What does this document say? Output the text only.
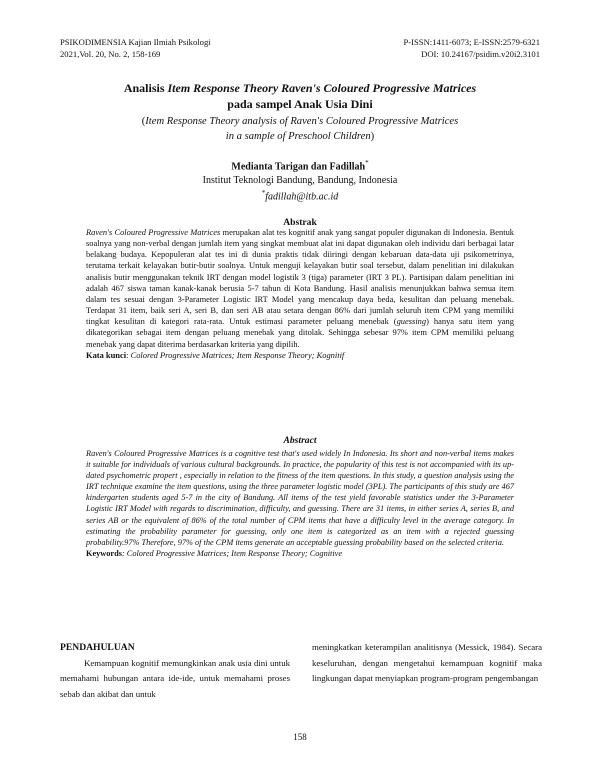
PSIKODIMENSIA Kajian Ilmiah Psikologi
2021,Vol. 20, No. 2, 158-169
P-ISSN:1411-6073; E-ISSN:2579-6321
DOI: 10.24167/psidim.v20i2.3101
Analisis Item Response Theory Raven's Coloured Progressive Matrices
pada sampel Anak Usia Dini
(Item Response Theory analysis of Raven's Coloured Progressive Matrices
in a sample of Preschool Children)
Medianta Tarigan dan Fadillah*
Institut Teknologi Bandung, Bandung, Indonesia
*fadillah@itb.ac.id
Abstrak

Raven's Coloured Progressive Matrices merupakan alat tes kognitif anak yang sangat populer digunakan di Indonesia. Bentuk soalnya yang non-verbal dengan jumlah item yang singkat membuat alat ini dapat digunakan oleh individu dari berbagai latar belakang budaya. Kepopuleran alat tes ini di dunia praktis tidak diiringi dengan kebaruan data-data uji psikometrinya, terutama terkait kelayakan butir-butir soalnya. Untuk menguji kelayakan butir soal tersebut, dalam penelitian ini dilakukan analisis butir menggunakan teknik IRT dengan model logistik 3 (tiga) parameter (IRT 3 PL). Partisipan dalam penelitian ini adalah 467 siswa taman kanak-kanak berusia 5-7 tahun di Kota Bandung. Hasil analisis menunjukkan bahwa semua item dalam tes sesuai dengan 3-Parameter Logistic IRT Model yang mencakup daya beda, kesulitan dan peluang menebak. Terdapat 31 item, baik seri A, seri B, dan seri AB atau setara dengan 86% dari jumlah seluruh item CPM yang memiliki tingkat kesulitan di kategori rata-rata. Untuk estimasi parameter peluang menebak (guessing) hanya satu item yang dikategorikan sebagai item dengan peluang menebak yang ditolak. Sehingga sebesar 97% item CPM memiliki peluang menebak yang dapat diterima berdasarkan kriteria yang dipilih.

Kata kunci: Colored Progressive Matrices; Item Response Theory; Kognitif

Abstract

Raven's Coloured Progressive Matrices is a cognitive test that's used widely In Indonesia. Its short and non-verbal items makes it suitable for individuals of various cultural backgrounds. In practice, the popularity of this test is not accompanied with its up-dated psychometric propert , especially in relation to the fitness of the item questions. In this study, a question analysis using the IRT technique examine the item questions, using the three parameter logistic model (3PL). The participants of this study are 467 kindergarten students aged 5-7 in the city of Bandung. All items of the test yield favorable statistics under the 3-Parameter Logistic IRT Model with regards to discrimination, difficulty, and guessing. There are 31 items, in either series A, series B, and series AB or the equivalent of 86% of the total number of CPM items that have a difficulty level in the average category. In estimating the probability parameter for guessing, only one item is categorized as an item with a rejected guessing probability.97% Therefore, 97% of the CPM items generate an acceptable guessing probability based on the selected criteria.

Keywords: Colored Progressive Matrices; Item Response Theory; Cognitive

PENDAHULUAN

Kemampuan kognitif memungkinkan anak usia dini untuk memahami hubungan antara ide-ide, untuk memahami proses sebab dan akibat dan untuk

meningkatkan keterampilan analitisnya (Messick, 1984). Secara keseluruhan, dengan mengetahui kemampuan kognitif maka lingkungan dapat menyiapkan program-program pengembangan

158
